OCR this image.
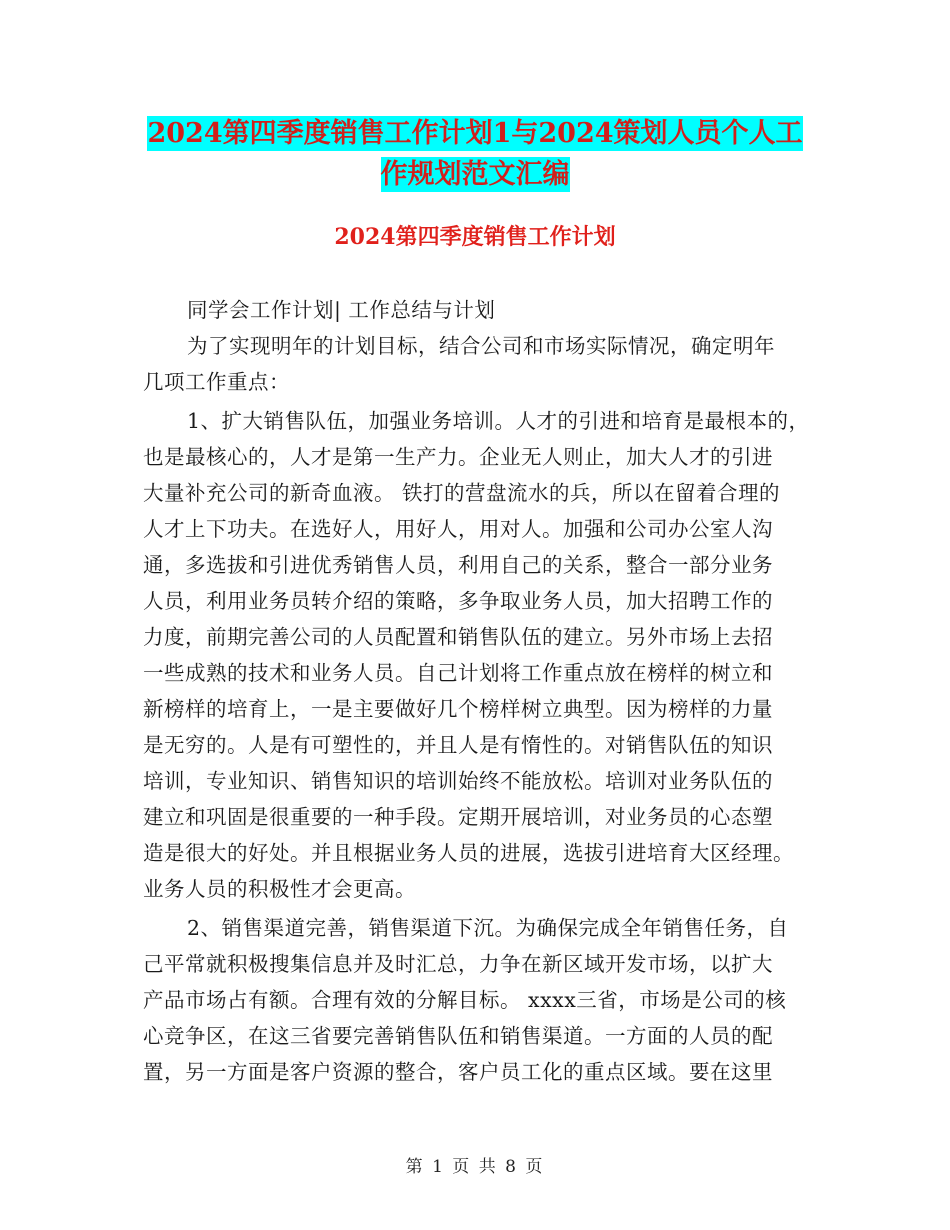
2024第四季度销售工作计划1与2024策划人员个人工
作规划范文汇编
2024第四季度销售工作计划
同学会工作计划| 工作总结与计划
为了实现明年的计划目标，结合公司和市场实际情况，确定明年
几项工作重点：
1、扩大销售队伍，加强业务培训。人才的引进和培育是最根本的，
也是最核心的，人才是第一生产力。企业无人则止，加大人才的引进
大量补充公司的新奇血液。 铁打的营盘流水的兵，所以在留着合理的
人才上下功夫。在选好人，用好人，用对人。加强和公司办公室人沟
通，多选拔和引进优秀销售人员，利用自己的关系，整合一部分业务
人员，利用业务员转介绍的策略，多争取业务人员，加大招聘工作的
力度，前期完善公司的人员配置和销售队伍的建立。另外市场上去招
一些成熟的技术和业务人员。自己计划将工作重点放在榜样的树立和
新榜样的培育上，一是主要做好几个榜样树立典型。因为榜样的力量
是无穷的。人是有可塑性的，并且人是有惰性的。对销售队伍的知识
培训，专业知识、销售知识的培训始终不能放松。培训对业务队伍的
建立和巩固是很重要的一种手段。定期开展培训，对业务员的心态塑
造是很大的好处。并且根据业务人员的进展，选拔引进培育大区经理。
业务人员的积极性才会更高。
2、销售渠道完善，销售渠道下沉。为确保完成全年销售任务，自
己平常就积极搜集信息并及时汇总，力争在新区域开发市场，以扩大
产品市场占有额。合理有效的分解目标。 xxxx三省，市场是公司的核
心竞争区，在这三省要完善销售队伍和销售渠道。一方面的人员的配
置，另一方面是客户资源的整合，客户员工化的重点区域。要在这里
第 1 页 共 8 页
